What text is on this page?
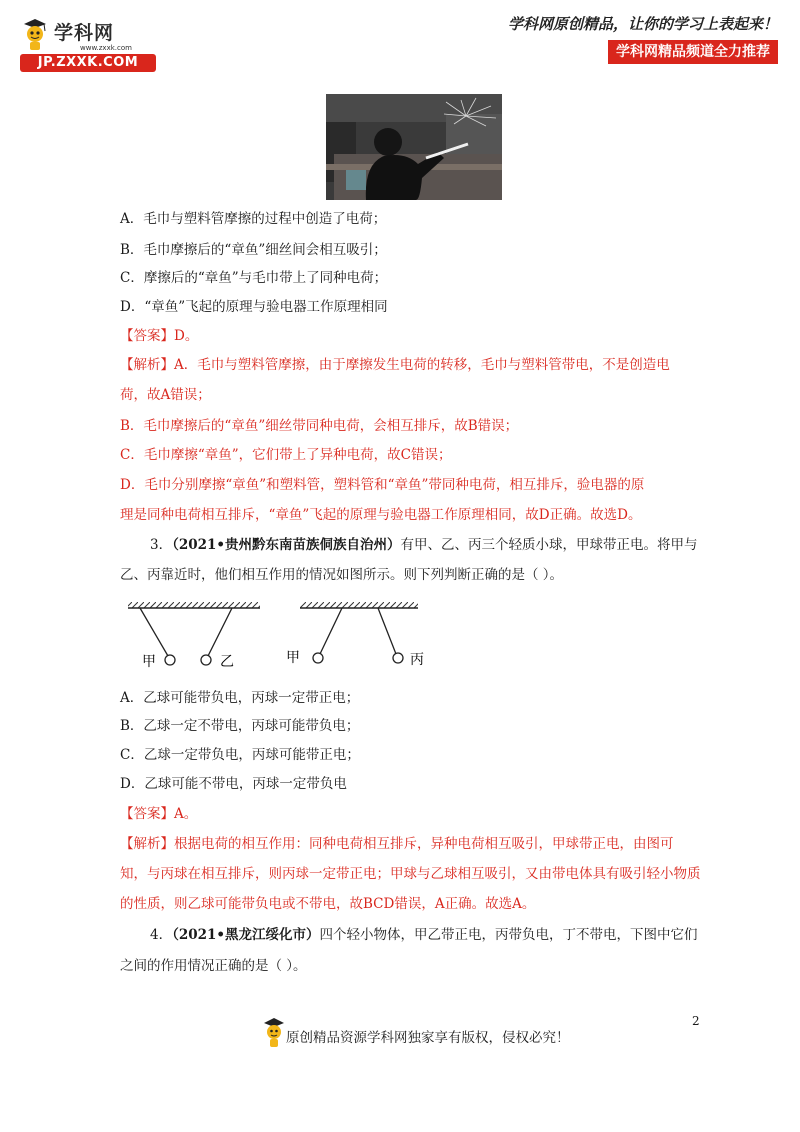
学科网
www.zxxk.com
JP.ZXXK.COM
学科网原创精品，让你的学习上表起来！
学科网精品频道全力推荐
A．毛巾与塑料管摩擦的过程中创造了电荷；
B．毛巾摩擦后的“章鱼”细丝间会相互吸引；
C．摩擦后的“章鱼”与毛巾带上了同种电荷；
D．“章鱼”飞起的原理与验电器工作原理相同
【答案】D。
【解析】A．毛巾与塑料管摩擦，由于摩擦发生电荷的转移，毛巾与塑料管带电，不是创造电
荷，故A错误；
B．毛巾摩擦后的“章鱼”细丝带同种电荷，会相互排斥，故B错误；
C．毛巾摩擦“章鱼”，它们带上了异种电荷，故C错误；
D．毛巾分别摩擦“章鱼”和塑料管，塑料管和“章鱼”带同种电荷，相互排斥，验电器的原
理是同种电荷相互排斥，“章鱼”飞起的原理与验电器工作原理相同，故D正确。故选D。
3．（2021•贵州黔东南苗族侗族自治州）有甲、乙、丙三个轻质小球，甲球带正电。将甲与
乙、丙靠近时，他们相互作用的情况如图所示。则下列判断正确的是（ ）。
甲	乙	甲	丙
A．乙球可能带负电，丙球一定带正电；
B．乙球一定不带电，丙球可能带负电；
C．乙球一定带负电，丙球可能带正电；
D．乙球可能不带电，丙球一定带负电
【答案】A。
【解析】根据电荷的相互作用：同种电荷相互排斥，异种电荷相互吸引，甲球带正电，由图可
知，与丙球在相互排斥，则丙球一定带正电；甲球与乙球相互吸引，又由带电体具有吸引轻小物质
的性质，则乙球可能带负电或不带电，故BCD错误，A正确。故选A。
4．（2021•黑龙江绥化市）四个轻小物体，甲乙带正电，丙带负电，丁不带电，下图中它们
之间的作用情况正确的是（ ）。
2
原创精品资源学科网独家享有版权，侵权必究！
